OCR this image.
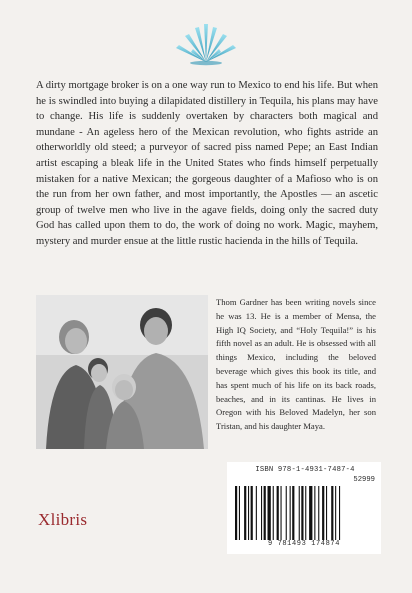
A dirty mortgage broker is on a one way run to Mexico to end his life. But when he is swindled into buying a dilapidated distillery in Tequila, his plans may have to change. His life is suddenly overtaken by characters both magical and mundane - An ageless hero of the Mexican revolution, who fights astride an otherworldly old steed; a purveyor of sacred piss named Pepe; an East Indian artist escaping a bleak life in the United States who finds himself perpetually mistaken for a native Mexican; the gorgeous daughter of a Mafioso who is on the run from her own father, and most importantly, the Apostles — an ascetic group of twelve men who live in the agave fields, doing only the sacred duty God has called upon them to do, the work of doing no work. Magic, mayhem, mystery and murder ensue at the little rustic hacienda in the hills of Tequila.

Thom Gardner has been writing novels since he was 13. He is a member of Mensa, the High IQ Society, and “Holy Tequila!” is his fifth novel as an adult. He is obsessed with all things Mexico, including the beloved beverage which gives this book its title, and has spent much of his life on its back roads, beaches, and in its cantinas. He lives in Oregon with his Beloved Madelyn, her son Tristan, and his daughter Maya.

Xlibris
ISBN 978-1-4931-7487-4
52999
9 781493 174874
